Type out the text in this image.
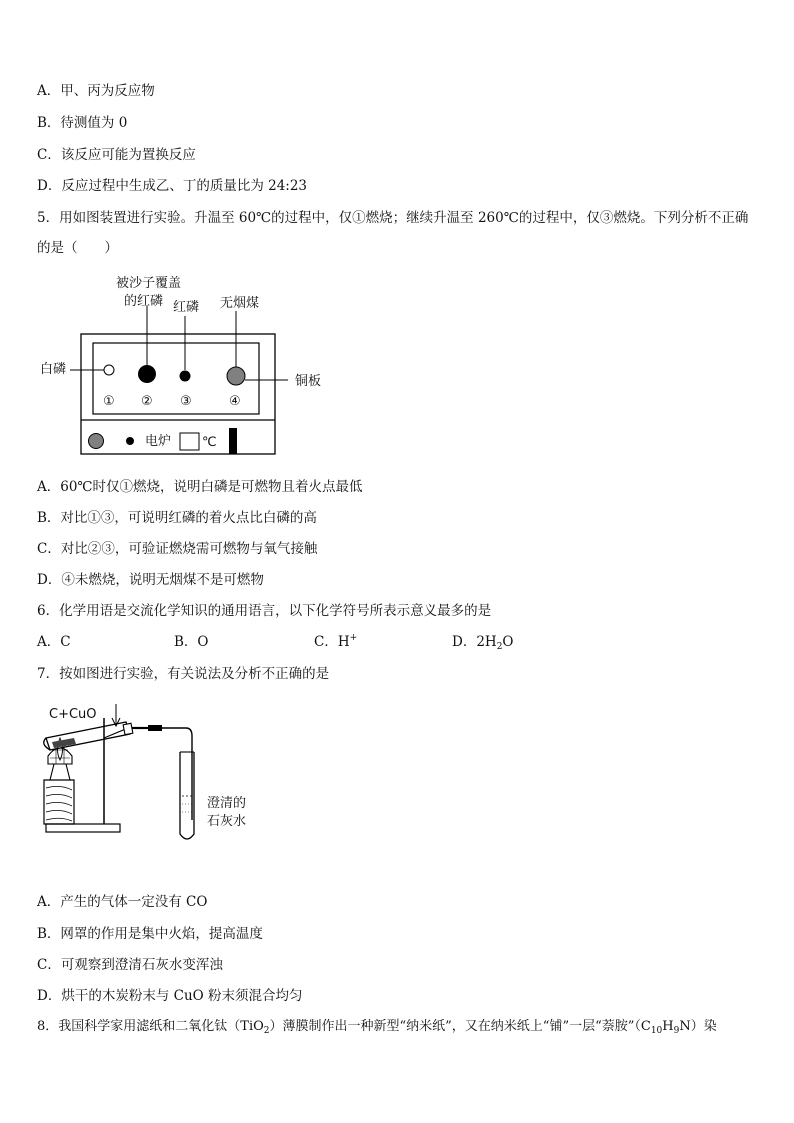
A．甲、丙为反应物
B．待测值为 0
C．该反应可能为置换反应
D．反应过程中生成乙、丁的质量比为 24:23
5．用如图装置进行实验。升温至 60℃的过程中，仅①燃烧；继续升温至 260℃的过程中，仅③燃烧。下列分析不正确
的是（　　）
被沙子覆盖
的红磷 红磷 无烟煤
白磷
铜板
① ② ③	④
电炉 ℃
A．60℃时仅①燃烧，说明白磷是可燃物且着火点最低
B．对比①③，可说明红磷的着火点比白磷的高
C．对比②③，可验证燃烧需可燃物与氧气接触
D．④未燃烧，说明无烟煤不是可燃物
6．化学用语是交流化学知识的通用语言，以下化学符号所表示意义最多的是
A．C	B．O	C．H+	D．$2H_2O$
7．按如图进行实验，有关说法及分析不正确的是
C+CuO
澄清的
石灰水
A．产生的气体一定没有 CO
B．网罩的作用是集中火焰，提高温度
C．可观察到澄清石灰水变浑浊
D．烘干的木炭粉末与 CuO 粉末须混合均匀
8．我国科学家用滤纸和二氧化钛（TiO$_2$）薄膜制作出一种新型“纳米纸”，又在纳米纸上“铺”一层“萘胺$”(C_{10}H_9N)$染
